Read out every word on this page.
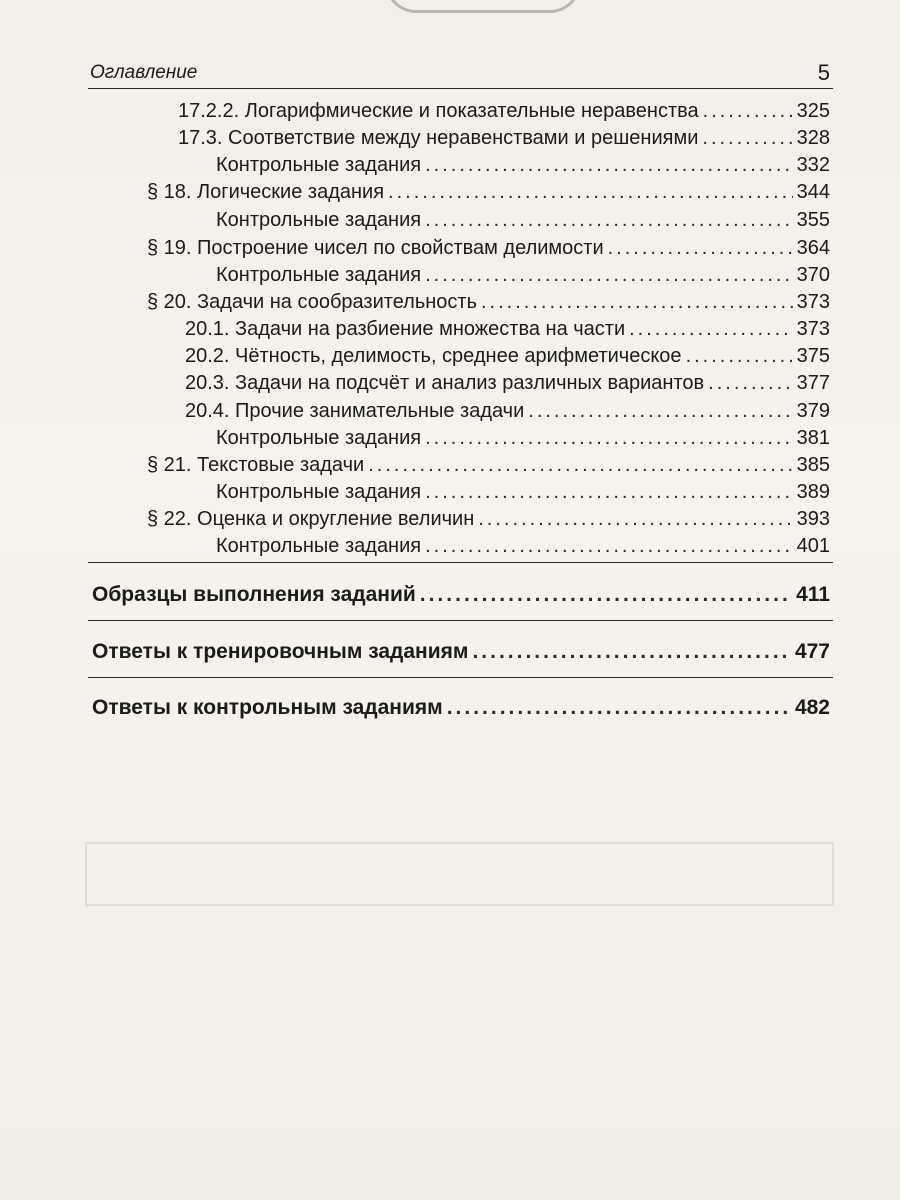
Оглавление	5
17.2.2. Логарифмические и показательные неравенства .....	325
17.3. Соответствие между неравенствами и решениями .....	328
Контрольные задания .....	332
§ 18. Логические задания .....	344
Контрольные задания .....	355
§ 19. Построение чисел по свойствам делимости .....	364
Контрольные задания .....	370
§ 20. Задачи на сообразительность .....	373
20.1. Задачи на разбиение множества на части .....	373
20.2. Чётность, делимость, среднее арифметическое .....	375
20.3. Задачи на подсчёт и анализ различных вариантов .....	377
20.4. Прочие занимательные задачи .....	379
Контрольные задания .....	381
§ 21. Текстовые задачи .....	385
Контрольные задания .....	389
§ 22. Оценка и округление величин .....	393
Контрольные задания .....	401
Образцы выполнения заданий .....	411
Ответы к тренировочным заданиям .....	477
Ответы к контрольным заданиям .....	482
